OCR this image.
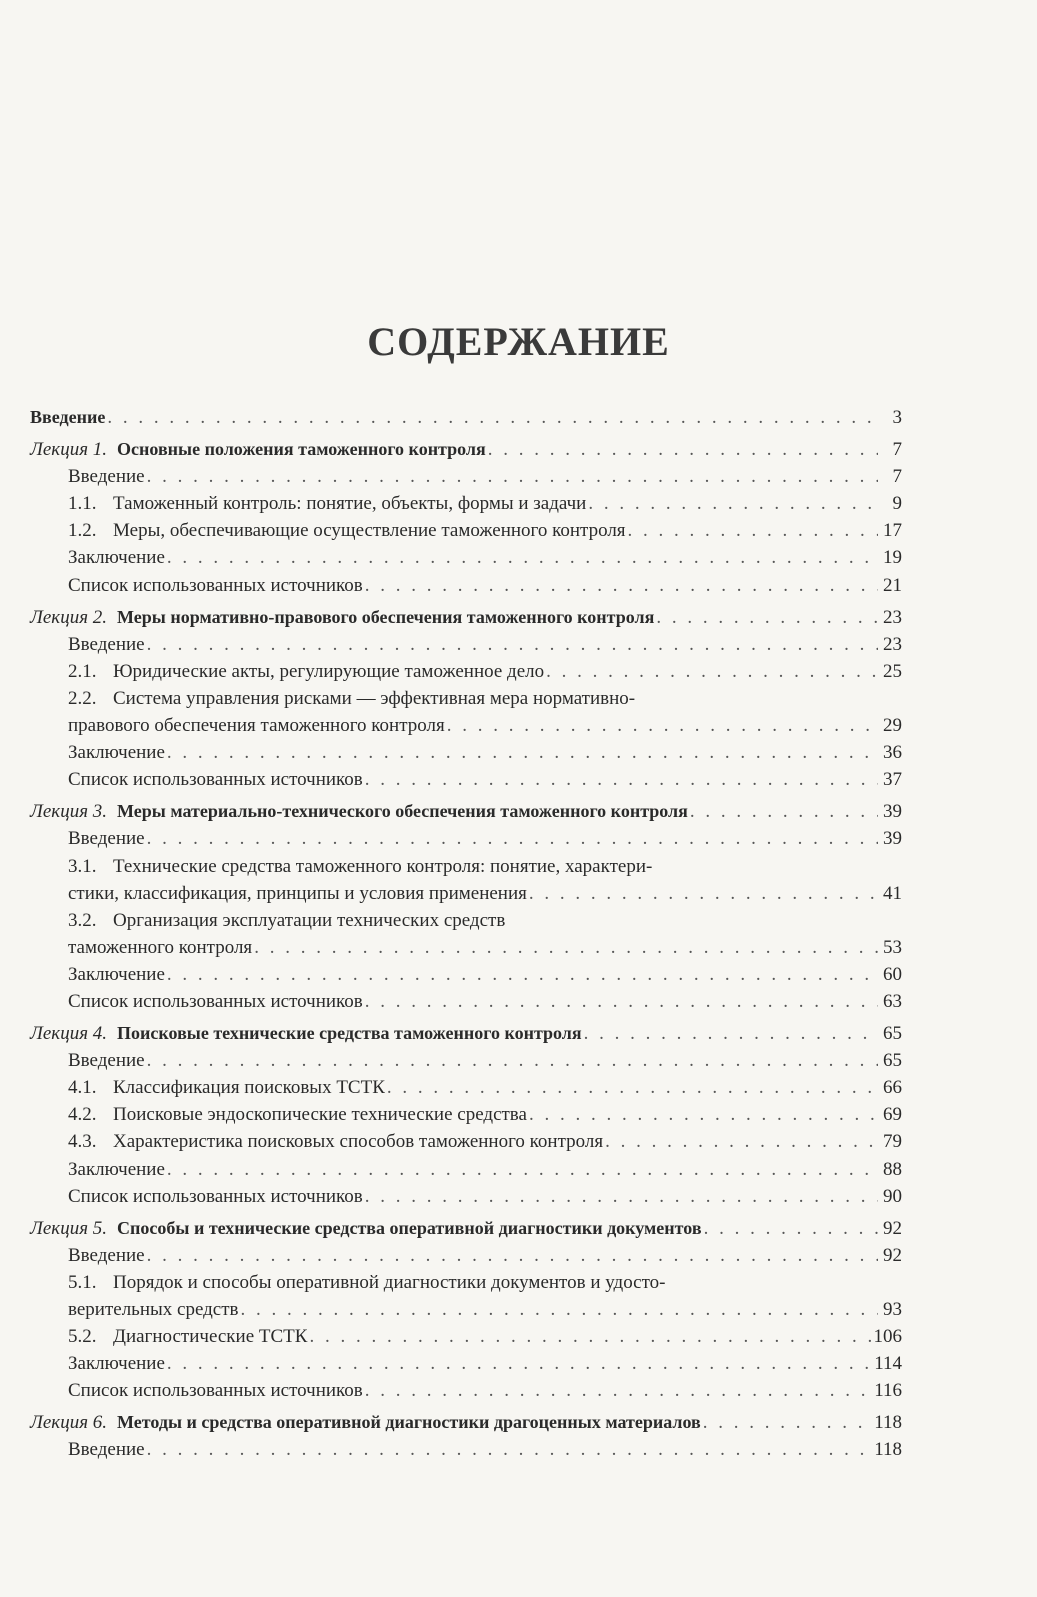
СОДЕРЖАНИЕ
Введение . . .	3
Лекция 1. Основные положения таможенного контроля . . .	7
Введение . . .	7
1.1. Таможенный контроль: понятие, объекты, формы и задачи . . .	9
1.2. Меры, обеспечивающие осуществление таможенного контроля . . .	17
Заключение . . .	19
Список использованных источников . . .	21
Лекция 2. Меры нормативно-правового обеспечения таможенного контроля . . .	23
Введение . . .	23
2.1. Юридические акты, регулирующие таможенное дело . . .	25
2.2. Система управления рисками — эффективная мера нормативно-
правового обеспечения таможенного контроля . . .	29
Заключение . . .	36
Список использованных источников . . .	37
Лекция 3. Меры материально-технического обеспечения таможенного контроля . . .	39
Введение . . .	39
3.1. Технические средства таможенного контроля: понятие, характери-
стики, классификация, принципы и условия применения . . .	41
3.2. Организация эксплуатации технических средств
таможенного контроля . . .	53
Заключение . . .	60
Список использованных источников . . .	63
Лекция 4. Поисковые технические средства таможенного контроля . . .	65
Введение . . .	65
4.1. Классификация поисковых ТСТК . . .	66
4.2. Поисковые эндоскопические технические средства . . .	69
4.3. Характеристика поисковых способов таможенного контроля . . .	79
Заключение . . .	88
Список использованных источников . . .	90
Лекция 5. Способы и технические средства оперативной диагностики документов . . .	92
Введение . . .	92
5.1. Порядок и способы оперативной диагностики документов и удосто-
верительных средств . . .	93
5.2. Диагностические ТСТК . . .	106
Заключение . . .	114
Список использованных источников . . .	116
Лекция 6. Методы и средства оперативной диагностики драгоценных материалов . . .	118
Введение . . .	118
